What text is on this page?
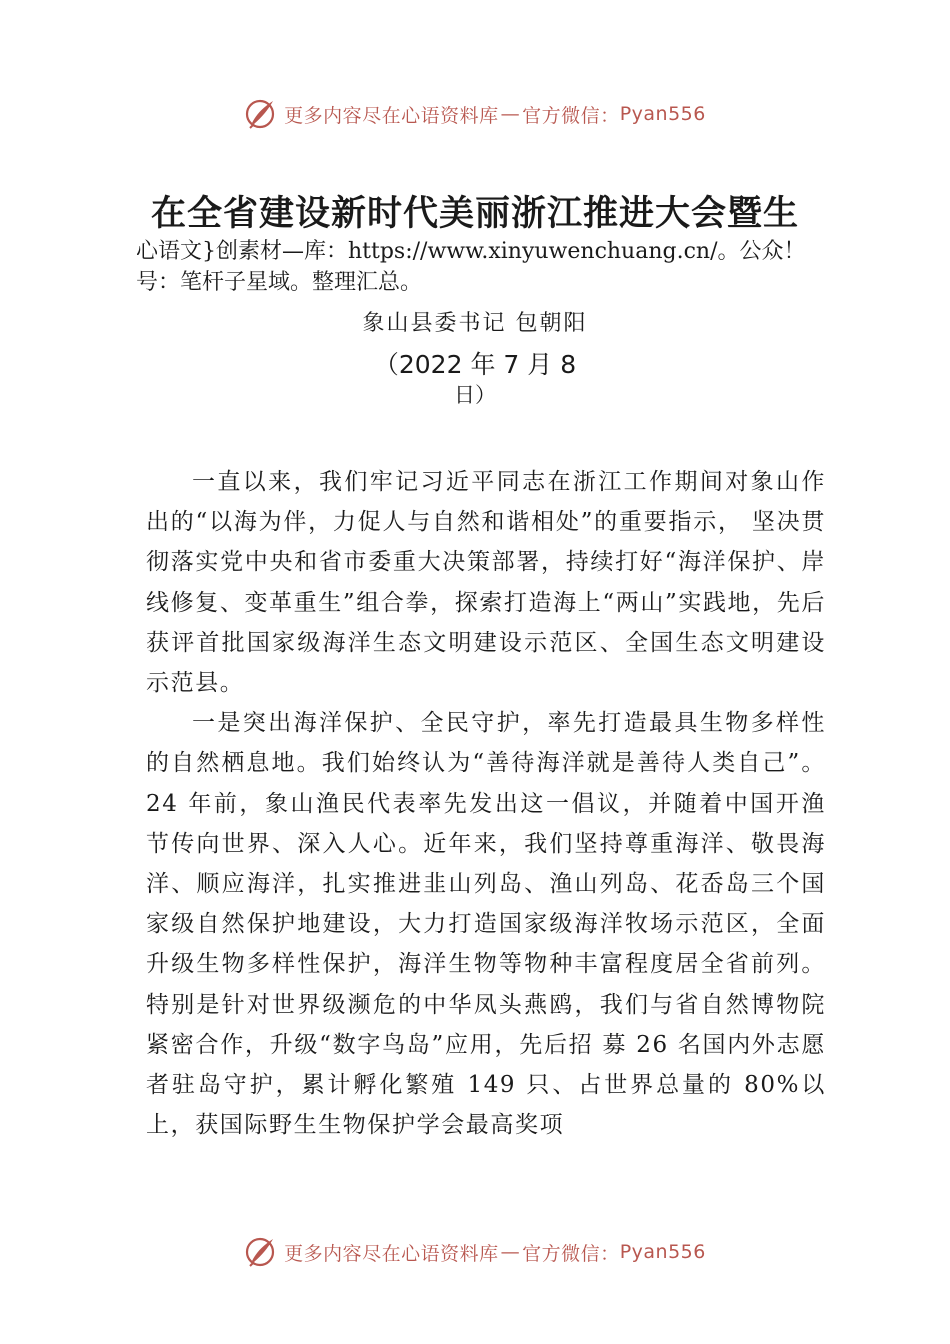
更多内容尽在心语资料库 — 官方微信： Pyan556
在全省建设新时代美丽浙江推进大会暨生

心语文}创素材—库：https://www.xinyuwenchuang.cn/。公众！号：笔杆子星域。整理汇总。

象山县委书记 包朝阳

（2022 年 7 月 8
日）

一直以来，我们牢记习近平同志在浙江工作期间对象山作出的“以海为伴，力促人与自然和谐相处”的重要指示， 坚决贯彻落实党中央和省市委重大决策部署，持续打好“海洋保护、岸线修复、变革重生”组合拳，探索打造海上“两山”实践地，先后获评首批国家级海洋生态文明建设示范区、全国生态文明建设示范县。

一是突出海洋保护、全民守护，率先打造最具生物多样性的自然栖息地。我们始终认为“善待海洋就是善待人类自己”。24 年前，象山渔民代表率先发出这一倡议，并随着中国开渔节传向世界、深入人心。近年来，我们坚持尊重海洋、敬畏海洋、顺应海洋，扎实推进韭山列岛、渔山列岛、花岙岛三个国家级自然保护地建设，大力打造国家级海洋牧场示范区，全面升级生物多样性保护，海洋生物等物种丰富程度居全省前列。特别是针对世界级濒危的中华凤头燕鸥，我们与省自然博物院紧密合作，升级“数字鸟岛”应用，先后招 募 26 名国内外志愿者驻岛守护，累计孵化繁殖 149 只、占世界总量的 80%以上，获国际野生生物保护学会最高奖项

更多内容尽在心语资料库 — 官方微信： Pyan556
